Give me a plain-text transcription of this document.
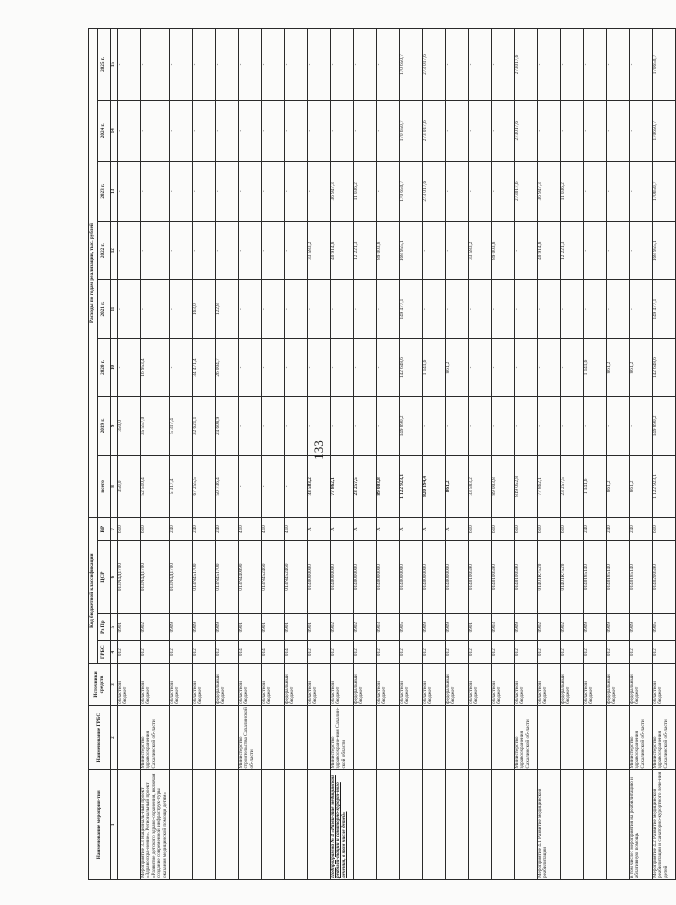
133
Наименование мероприя-тия	Наименование ГРБС	Источники средств	Код бюджетной классификации				Расходы по годам реализации, тыс. рублей							
			ГРБС	Рз Пр	ЦСР	ВР	всего	2019 г.	2020 г.	2021 г.	2022 г.	2023 г.	2024 г.	2025 г.
1	2	3	4	5	6	7	8	9	10	11	12	13	14	15
		областной бюджет	012	0901	013N4Д1700	610	350,0	350,0	-	-	-	-	-	-
Мероприятие 3.3 Националь-ный проект «Здравоохра-нение». Региональный проект «Развитие детского здраво-охранения, включая создание современной инфраструк-туры оказания медицинской помощи детям»	Министерство здравоохранения Сахалинской об-ласти	областной бюджет	012	0902	013N4Д1700	610	52 510,4	35 557,0	16 953,4	-	-	-	-	-
		областной бюджет	012	0909	013N4Д1700	240	5 317,4	5 317,4	-	-	-	-	-	-
		областной бюджет	012	0909	013N451700	240	67 255,5	32 621,1	34 471,4	163,0	-	-	-	-
		федеральный бюджет	012	0909	013N451700	240	50 736,4	24 608,9	26 004,7	122,8	-	-	-	-
	Министерство строительства Сахалинской об-ласти	областной бюджет	014	0901	013N440090	410	-	-	-	-	-	-	-	-
		областной бюджет	014	0901	013N452460	410	-	-	-	-	-	-	-	-
		федеральный бюджет	014	0901	013N452460	410	-	-	-	-	-	-	-	-
		областной бюджет	012	0901	0140000000	X	33 583,2	-	-	-	33 583,2	-	-	-
Подпрограмма № 4 «Разви-тие медицинской реабили-тации и санаторно-курорт-ного лечения, в том числе детей»	Министерство здравоохране-ния Сахалин-ской области	областной бюджет	012	0902	0140000000	X	77 862,1	-	-	-	40 914,8	36 947,3	-	-
		федеральный бюджет	012	0902	0140000000	X	23 257,5	-	-	-	12 221,3	11 036,2	-	-
		областной бюджет	012	0903	0140000000	X	89 003,8	-	-	-	89 003,8	-	-	-
		областной бюджет	012	0905	0140000000	X	1 122 923,1	149 890,2	142 648,6	149 477,1	168 955,1	170 650,7	170 650,7	170 650,7
		областной бюджет	012	0909	0140000000	X	820 194,4	-	1 141,6	-	-	273 017,6	273 017,6	273 017,6
		федеральный бюджет	012	0909	0140000000	X	861,2	-	861,2	-	-	-	-	-
		областной бюджет	012	0901	0140100590	610	33 583,2	-	-	-	33 583,2	-	-	-
		областной бюджет	012	0903	0140100590	610	89 003,8	-	-	-	89 003,8	-	-	-
	Министерство здравоохранения Сахалинской об-ласти	областной бюджет	012	0909	0140100590	610	819 052,8	-	-	-	-	273017,6	273017,6	273017,6
Мероприятие 4.1 Развитие медицинской реабилитации		областной бюджет	012	0902	01401R7520	610	77 862,1	-	-	-	40 914,8	36 947,3	-	-
		федеральный бюджет	012	0902	01401R7520	610	23 257,5	-	-	-	12 221,3	11 036,2	-	-
		областной бюджет	012	0909	0140185140	240	1 141,6	-	1 141,6	-	-	-	-	-
		федеральный бюджет	012	0909	0140185140	240	861,2	-	861,2	-	-	-	-	-
в том числе: мероприятия на реабилитацию и аблативную помощь	Министерство здравоохранения Сахалинской об-ласти	федеральный бюджет	012	0909	0140185140	240	861,2	-	861,2	-	-	-	-	-
Мероприятие 4.2 Развитие медицинской реабилитации и санаторно-курортного лече-ния детей	Министерство здравоохранения Сахалинской об-ласти	областной бюджет	012	0905	0140200590	610	1 122 923,1	149 890,2	142 648,6	149 477,1	168 955,1	170650,7	170650,7	170650,7
